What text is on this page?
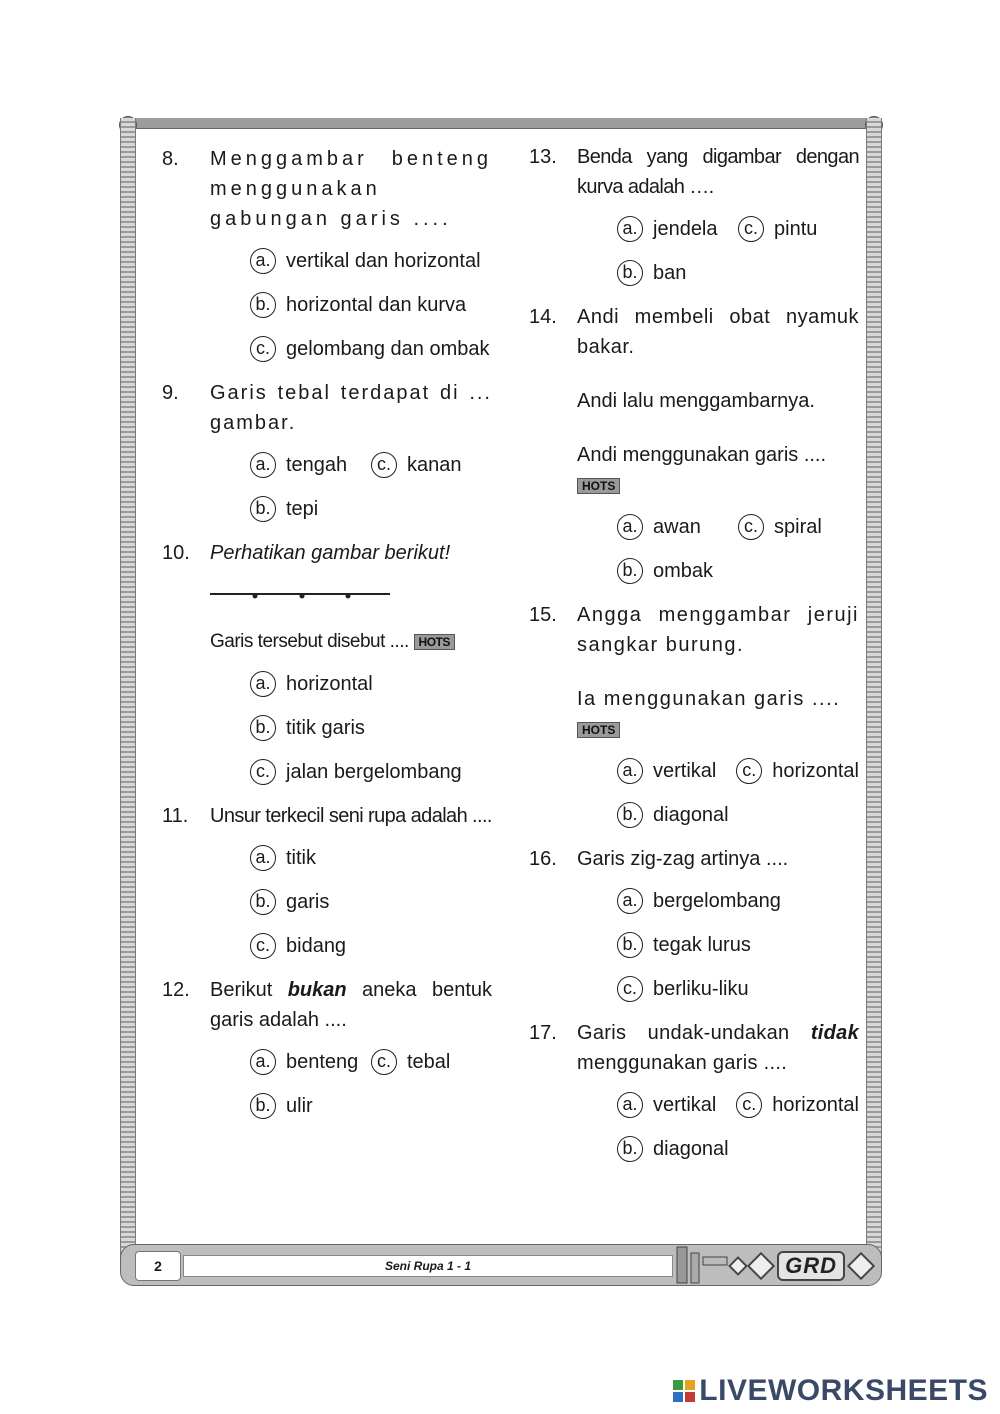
2	Seni Rupa 1 - 1	GRD
8. Menggambar benteng menggunakan gabungan garis ....
a. vertikal dan horizontal
b. horizontal dan kurva
c. gelombang dan ombak
9. Garis tebal terdapat di ... gambar.
a. tengah	c. kanan
b. tepi
10. Perhatikan gambar berikut!
Garis tersebut disebut .... HOTS
a. horizontal
b. titik garis
c. jalan bergelombang
11. Unsur terkecil seni rupa adalah ....
a. titik
b. garis
c. bidang
12. Berikut bukan aneka bentuk garis adalah ....
a. benteng	c. tebal
b. ulir
13. Benda yang digambar dengan kurva adalah ….
a. jendela	c. pintu
b. ban
14. Andi membeli obat nyamuk bakar.
Andi lalu menggambarnya.
Andi menggunakan garis ....
HOTS
a. awan	c. spiral
b. ombak
15. Angga menggambar jeruji sangkar burung.
Ia menggunakan garis ....
HOTS
a. vertikal	c. horizontal
b. diagonal
16. Garis zig-zag artinya ....
a. bergelombang
b. tegak lurus
c. berliku-liku
17. Garis undak-undakan tidak menggunakan garis ....
a. vertikal	c. horizontal
b. diagonal
LIVEWORKSHEETS
